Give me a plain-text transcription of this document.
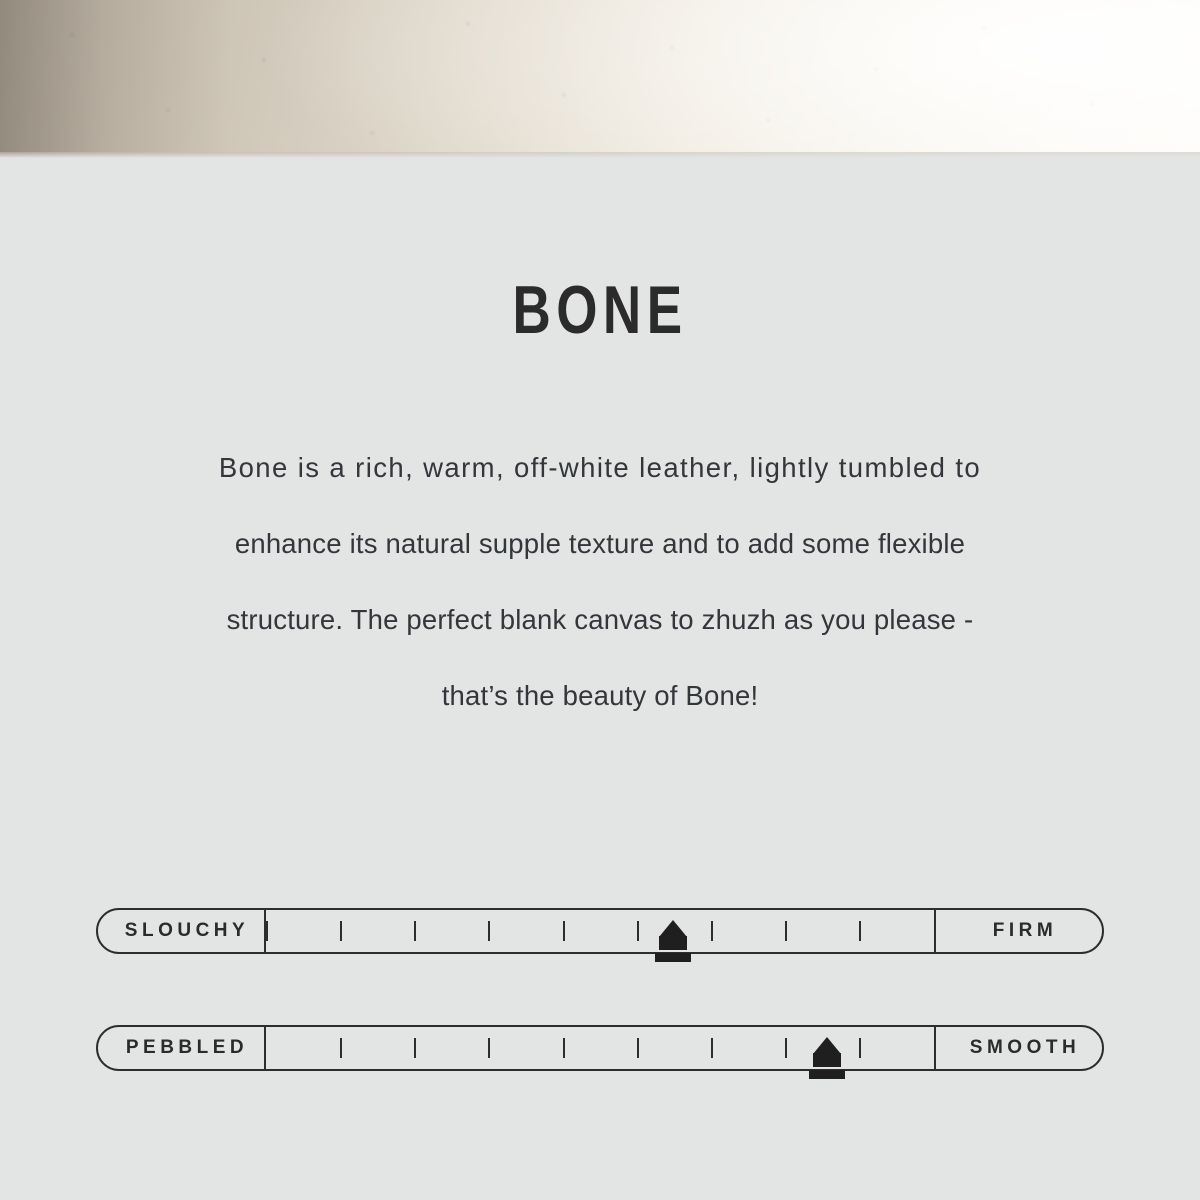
BONE
Bone is a rich, warm, off-white leather, lightly tumbled to
enhance its natural supple texture and to add some flexible
structure. The perfect blank canvas to zhuzh as you please -
that’s the beauty of Bone!
SLOUCHY	FIRM
PEBBLED	SMOOTH
